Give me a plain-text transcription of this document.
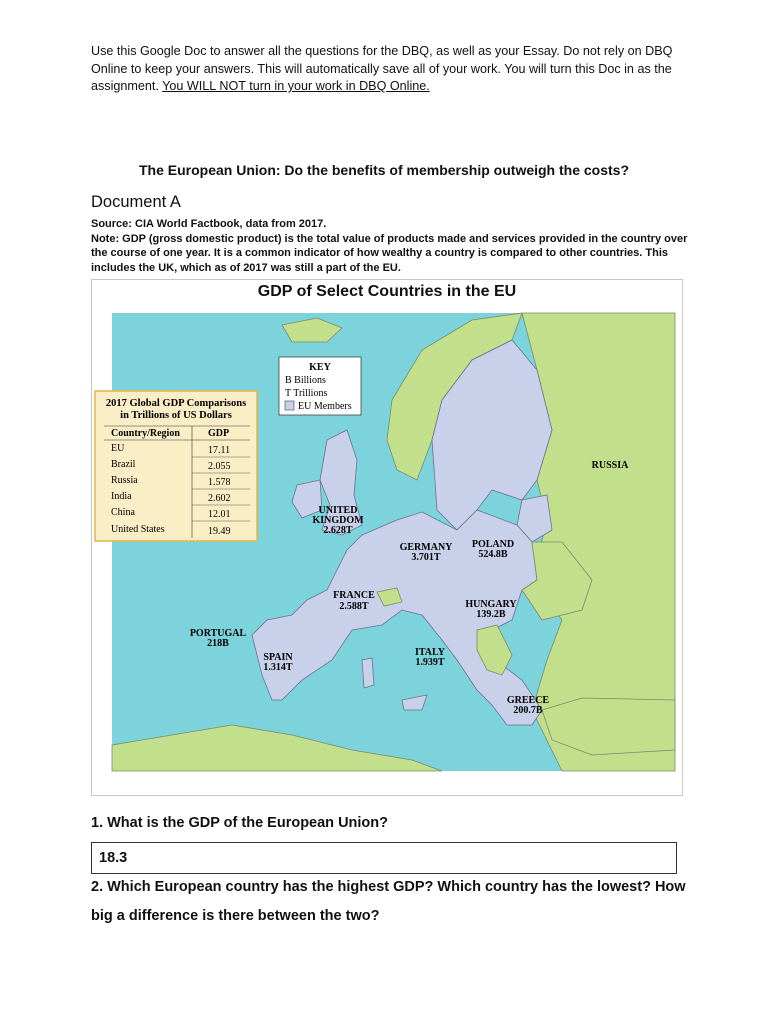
Use this Google Doc to answer all the questions for the DBQ, as well as your Essay. Do not rely on DBQ Online to keep your answers. This will automatically save all of your work. You will turn this Doc in as the assignment. You WILL NOT turn in your work in DBQ Online.
The European Union: Do the benefits of membership outweigh the costs?
Document A
Source: CIA World Factbook, data from 2017.
Note: GDP (gross domestic product) is the total value of products made and services provided in the country over the course of one year. It is a common indicator of how wealthy a country is compared to other countries. This includes the UK, which as of 2017 was still a part of the EU.
GDP of Select Countries in the EU
KEY
B Billions
T Trillions
EU Members
2017 Global GDP Comparisons
in Trillions of US Dollars
Country/Region	GDP
EU	17.11
Brazil	2.055
Russia	1.578
India	2.602
China	12.01
United States	19.49
RUSSIA
UNITED
KINGDOM
2.628T
GERMANY
3.701T
POLAND
524.8B
FRANCE
2.588T	HUNGARY
139.2B
PORTUGAL
218B
SPAIN
1.314T
ITALY
1.939T
GREECE
200.7B
1. What is the GDP of the European Union?
18.3
2. Which European country has the highest GDP? Which country has the lowest? How big a difference is there between the two?
